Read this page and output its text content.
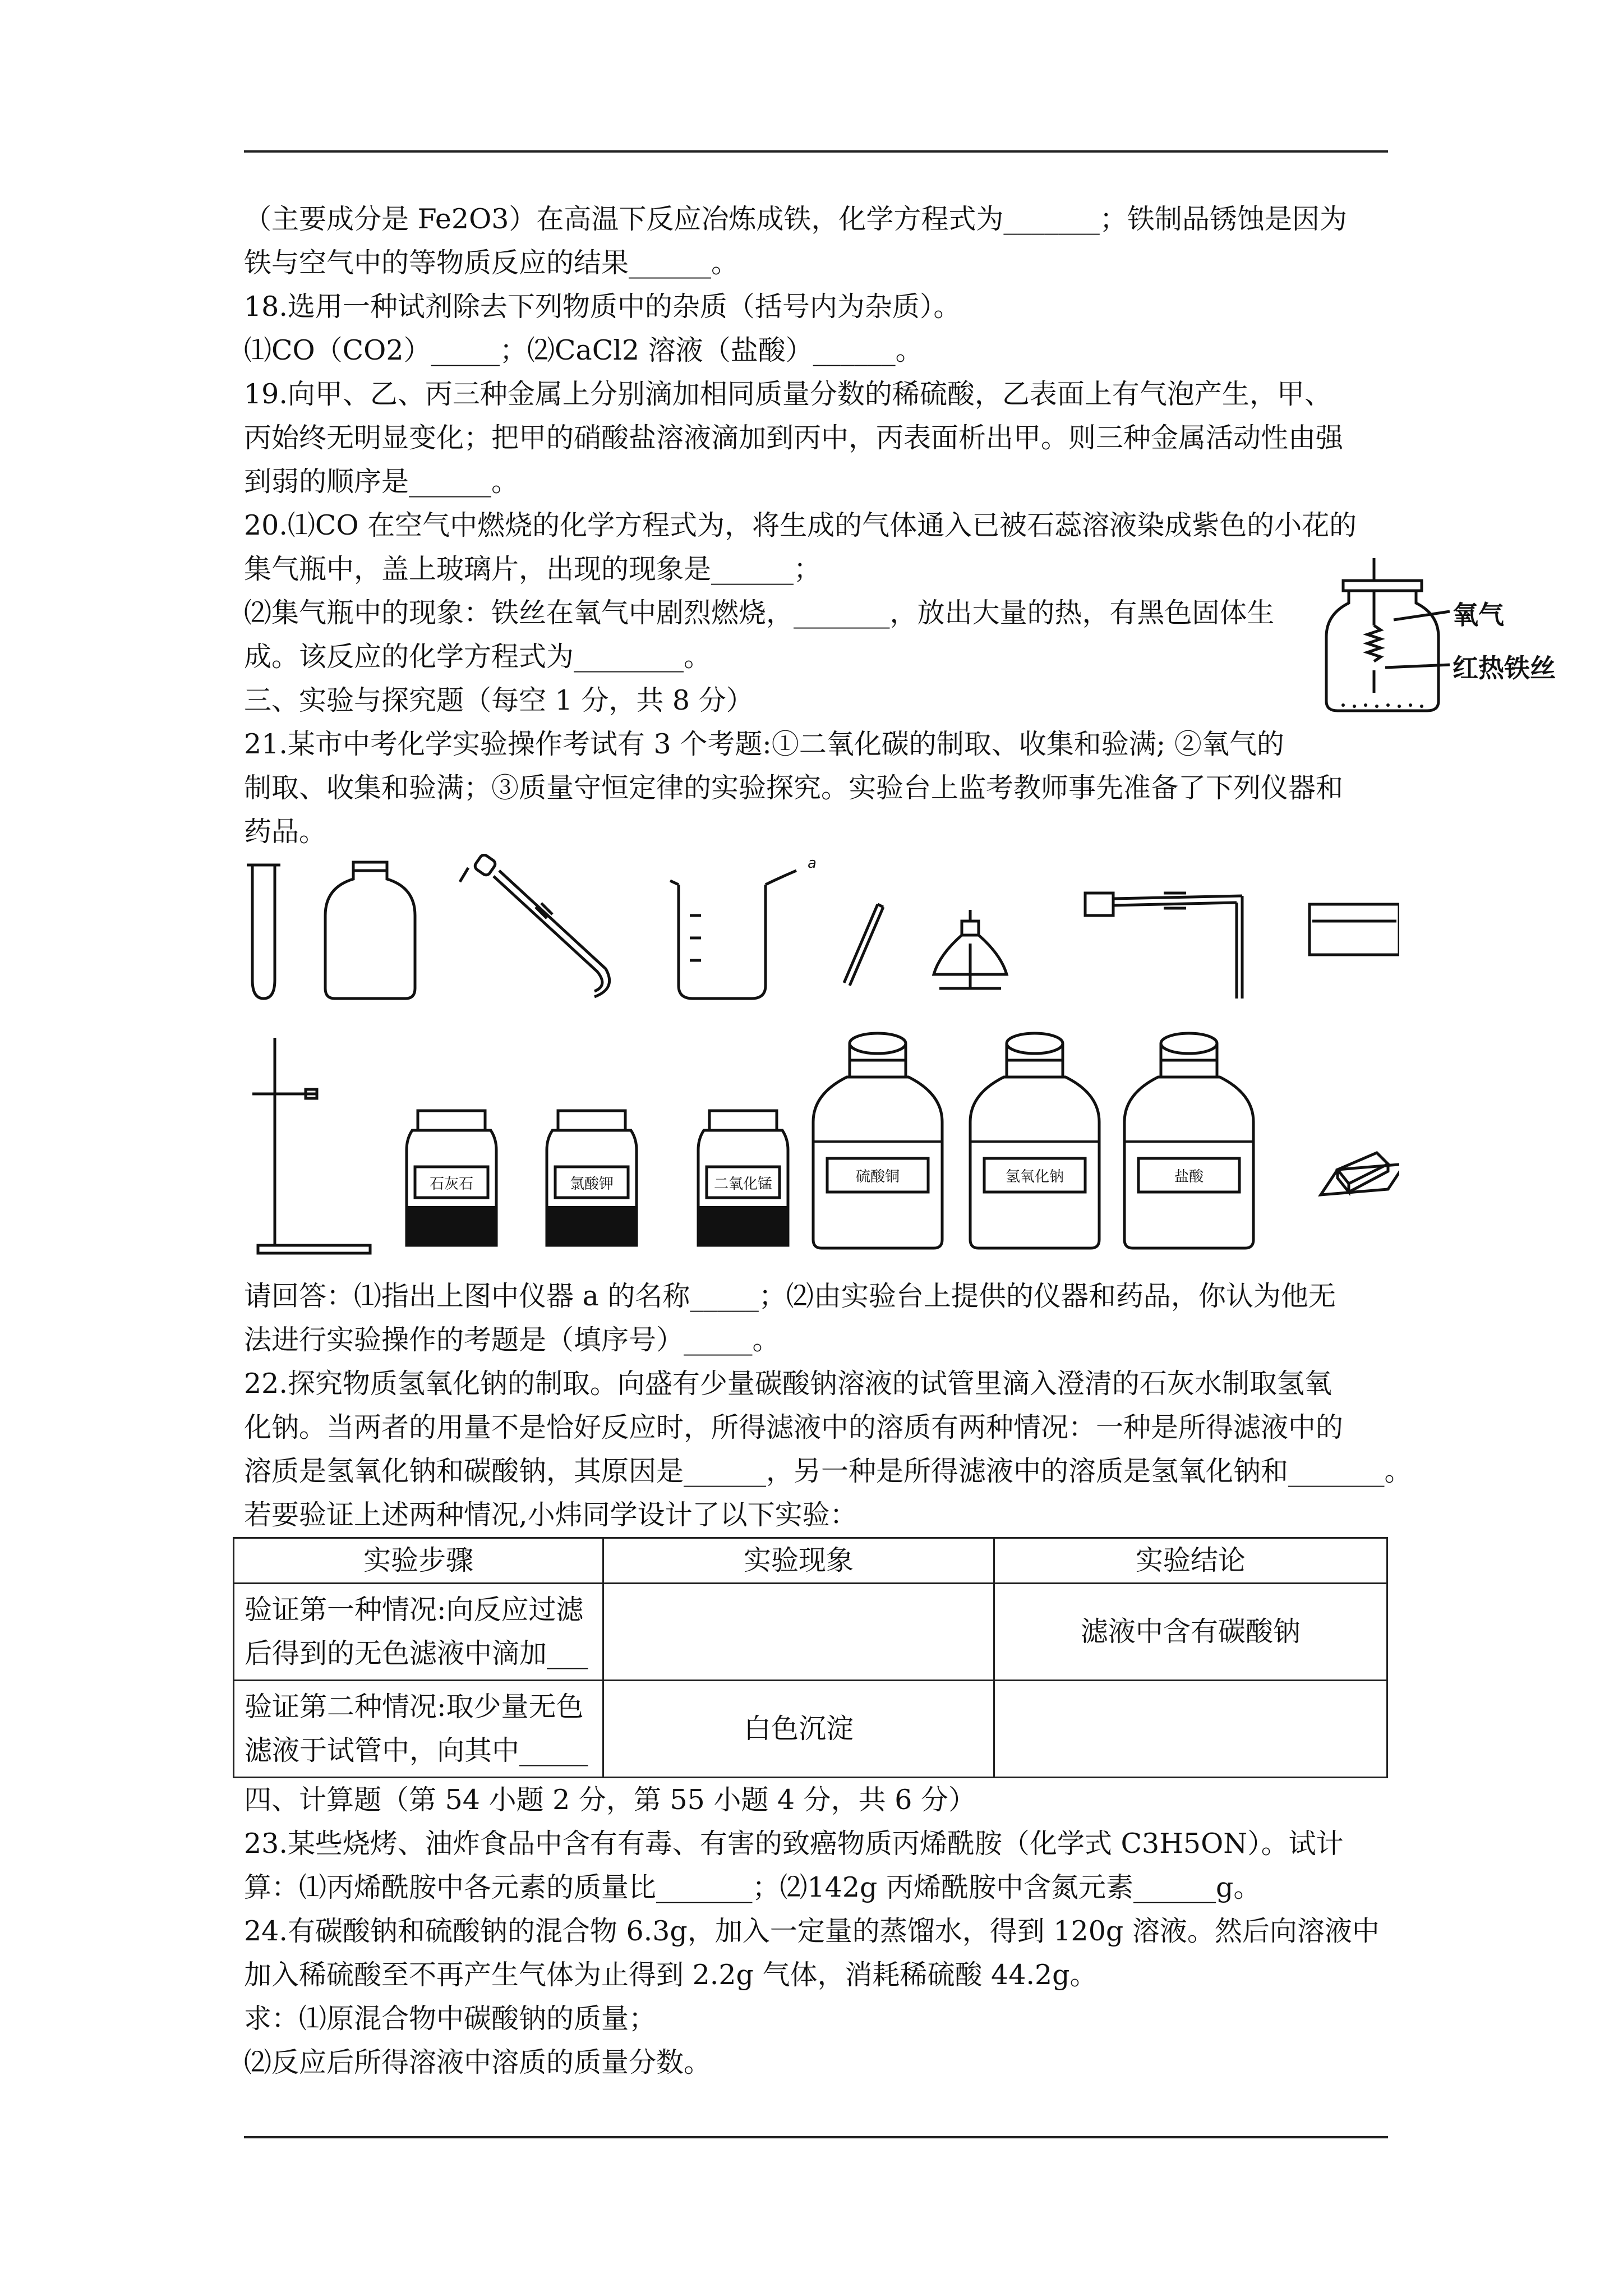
氧气
红热铁丝
（主要成分是 Fe2O3）在高温下反应冶炼成铁，化学方程式为_______；铁制品锈蚀是因为
铁与空气中的等物质反应的结果______。
18.选用一种试剂除去下列物质中的杂质（括号内为杂质）。
⑴CO（CO2）_____；⑵CaCl2 溶液（盐酸）______。
19.向甲、乙、丙三种金属上分别滴加相同质量分数的稀硫酸，乙表面上有气泡产生，甲、
丙始终无明显变化；把甲的硝酸盐溶液滴加到丙中，丙表面析出甲。则三种金属活动性由强
到弱的顺序是______。
20.⑴CO 在空气中燃烧的化学方程式为，将生成的气体通入已被石蕊溶液染成紫色的小花的
集气瓶中，盖上玻璃片，出现的现象是______；
⑵集气瓶中的现象：铁丝在氧气中剧烈燃烧，_______，放出大量的热，有黑色固体生
成。该反应的化学方程式为________。
三、实验与探究题（每空 1 分，共 8 分）
21.某市中考化学实验操作考试有 3 个考题:①二氧化碳的制取、收集和验满; ②氧气的
制取、收集和验满；③质量守恒定律的实验探究。实验台上监考教师事先准备了下列仪器和
药品。
a
石灰石	氯酸钾	二氧化锰	硫酸铜	氢氧化钠	盐酸
请回答：⑴指出上图中仪器 a 的名称_____；⑵由实验台上提供的仪器和药品，你认为他无
法进行实验操作的考题是（填序号）_____。
22.探究物质氢氧化钠的制取。向盛有少量碳酸钠溶液的试管里滴入澄清的石灰水制取氢氧
化钠。当两者的用量不是恰好反应时，所得滤液中的溶质有两种情况：一种是所得滤液中的
溶质是氢氧化钠和碳酸钠，其原因是______，另一种是所得滤液中的溶质是氢氧化钠和_______。
若要验证上述两种情况,小炜同学设计了以下实验：
实验步骤	实验现象	实验结论

验证第一种情况:向反应过滤
后得到的无色滤液中滴加___		滤液中含有碳酸钠

验证第二种情况:取少量无色
滤液于试管中，向其中_____	白色沉淀	
四、计算题（第 54 小题 2 分，第 55 小题 4 分，共 6 分）
23.某些烧烤、油炸食品中含有有毒、有害的致癌物质丙烯酰胺（化学式 C3H5ON）。试计
算：⑴丙烯酰胺中各元素的质量比_______；⑵142g 丙烯酰胺中含氮元素______g。
24.有碳酸钠和硫酸钠的混合物 6.3g，加入一定量的蒸馏水，得到 120g 溶液。然后向溶液中
加入稀硫酸至不再产生气体为止得到 2.2g 气体，消耗稀硫酸 44.2g。
求：⑴原混合物中碳酸钠的质量；
⑵反应后所得溶液中溶质的质量分数。
